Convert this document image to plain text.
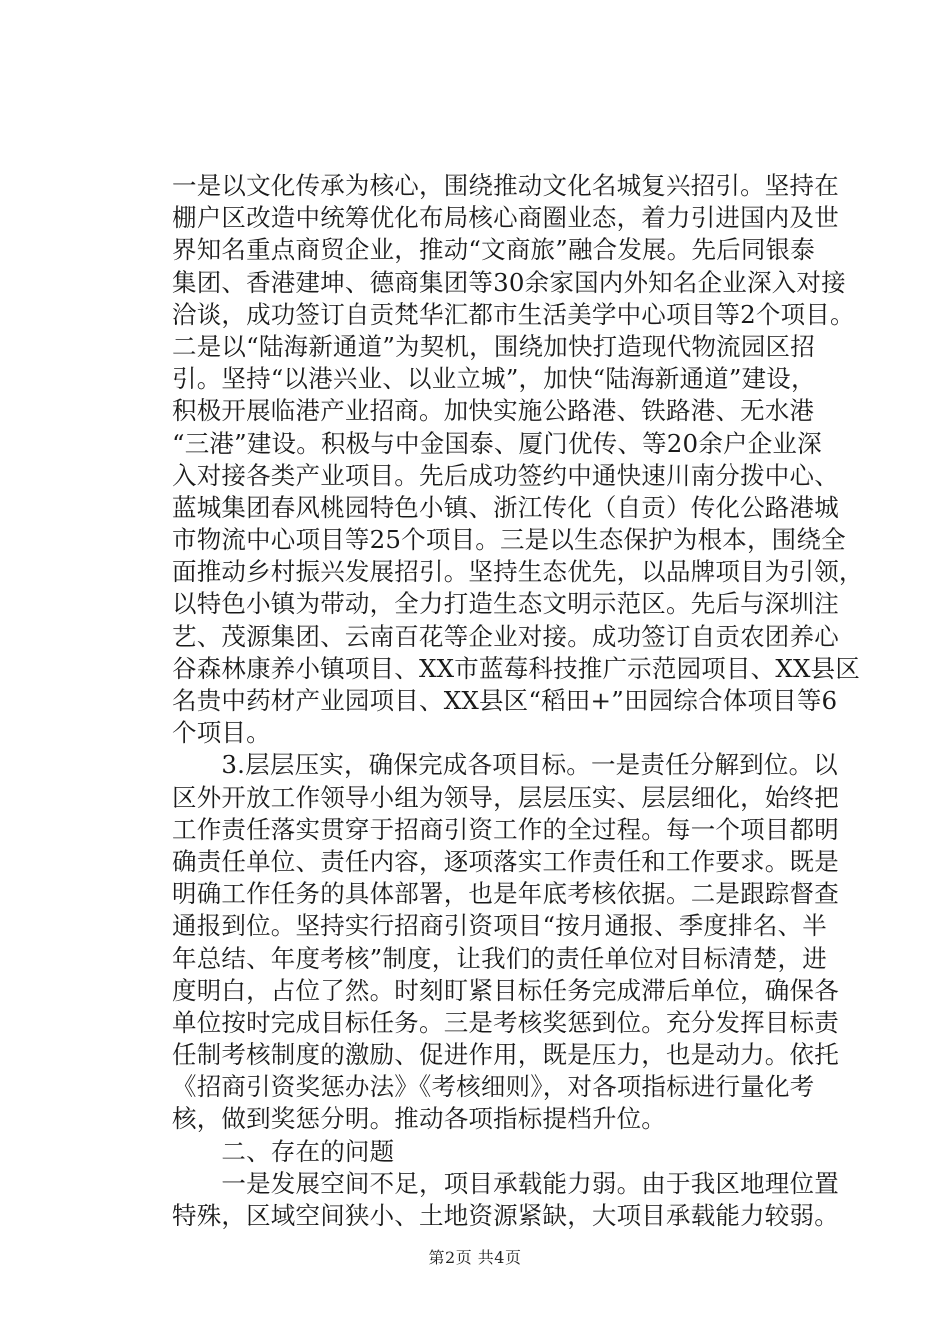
一是以文化传承为核心，围绕推动文化名城复兴招引。坚持在
棚户区改造中统筹优化布局核心商圈业态，着力引进国内及世
界知名重点商贸企业，推动“文商旅”融合发展。先后同银泰
集团、香港建坤、德商集团等30余家国内外知名企业深入对接
洽谈，成功签订自贡梵华汇都市生活美学中心项目等2个项目。
二是以“陆海新通道”为契机，围绕加快打造现代物流园区招
引。坚持“以港兴业、以业立城”，加快“陆海新通道”建设，
积极开展临港产业招商。加快实施公路港、铁路港、无水港
“三港”建设。积极与中金国泰、厦门优传、等20余户企业深
入对接各类产业项目。先后成功签约中通快速川南分拨中心、
蓝城集团春风桃园特色小镇、浙江传化（自贡）传化公路港城
市物流中心项目等25个项目。三是以生态保护为根本，围绕全
面推动乡村振兴发展招引。坚持生态优先，以品牌项目为引领，
以特色小镇为带动，全力打造生态文明示范区。先后与深圳注
艺、茂源集团、云南百花等企业对接。成功签订自贡农团养心
谷森林康养小镇项目、XX市蓝莓科技推广示范园项目、XX县区
名贵中药材产业园项目、XX县区“稻田+”田园综合体项目等6
个项目。
　　3.层层压实，确保完成各项目标。一是责任分解到位。以
区外开放工作领导小组为领导，层层压实、层层细化，始终把
工作责任落实贯穿于招商引资工作的全过程。每一个项目都明
确责任单位、责任内容，逐项落实工作责任和工作要求。既是
明确工作任务的具体部署，也是年底考核依据。二是跟踪督查
通报到位。坚持实行招商引资项目“按月通报、季度排名、半
年总结、年度考核”制度，让我们的责任单位对目标清楚，进
度明白，占位了然。时刻盯紧目标任务完成滞后单位，确保各
单位按时完成目标任务。三是考核奖惩到位。充分发挥目标责
任制考核制度的激励、促进作用，既是压力，也是动力。依托
《招商引资奖惩办法》《考核细则》，对各项指标进行量化考
核，做到奖惩分明。推动各项指标提档升位。
　　二、存在的问题
　　一是发展空间不足，项目承载能力弱。由于我区地理位置
特殊，区域空间狭小、土地资源紧缺，大项目承载能力较弱。
第2页 共4页
